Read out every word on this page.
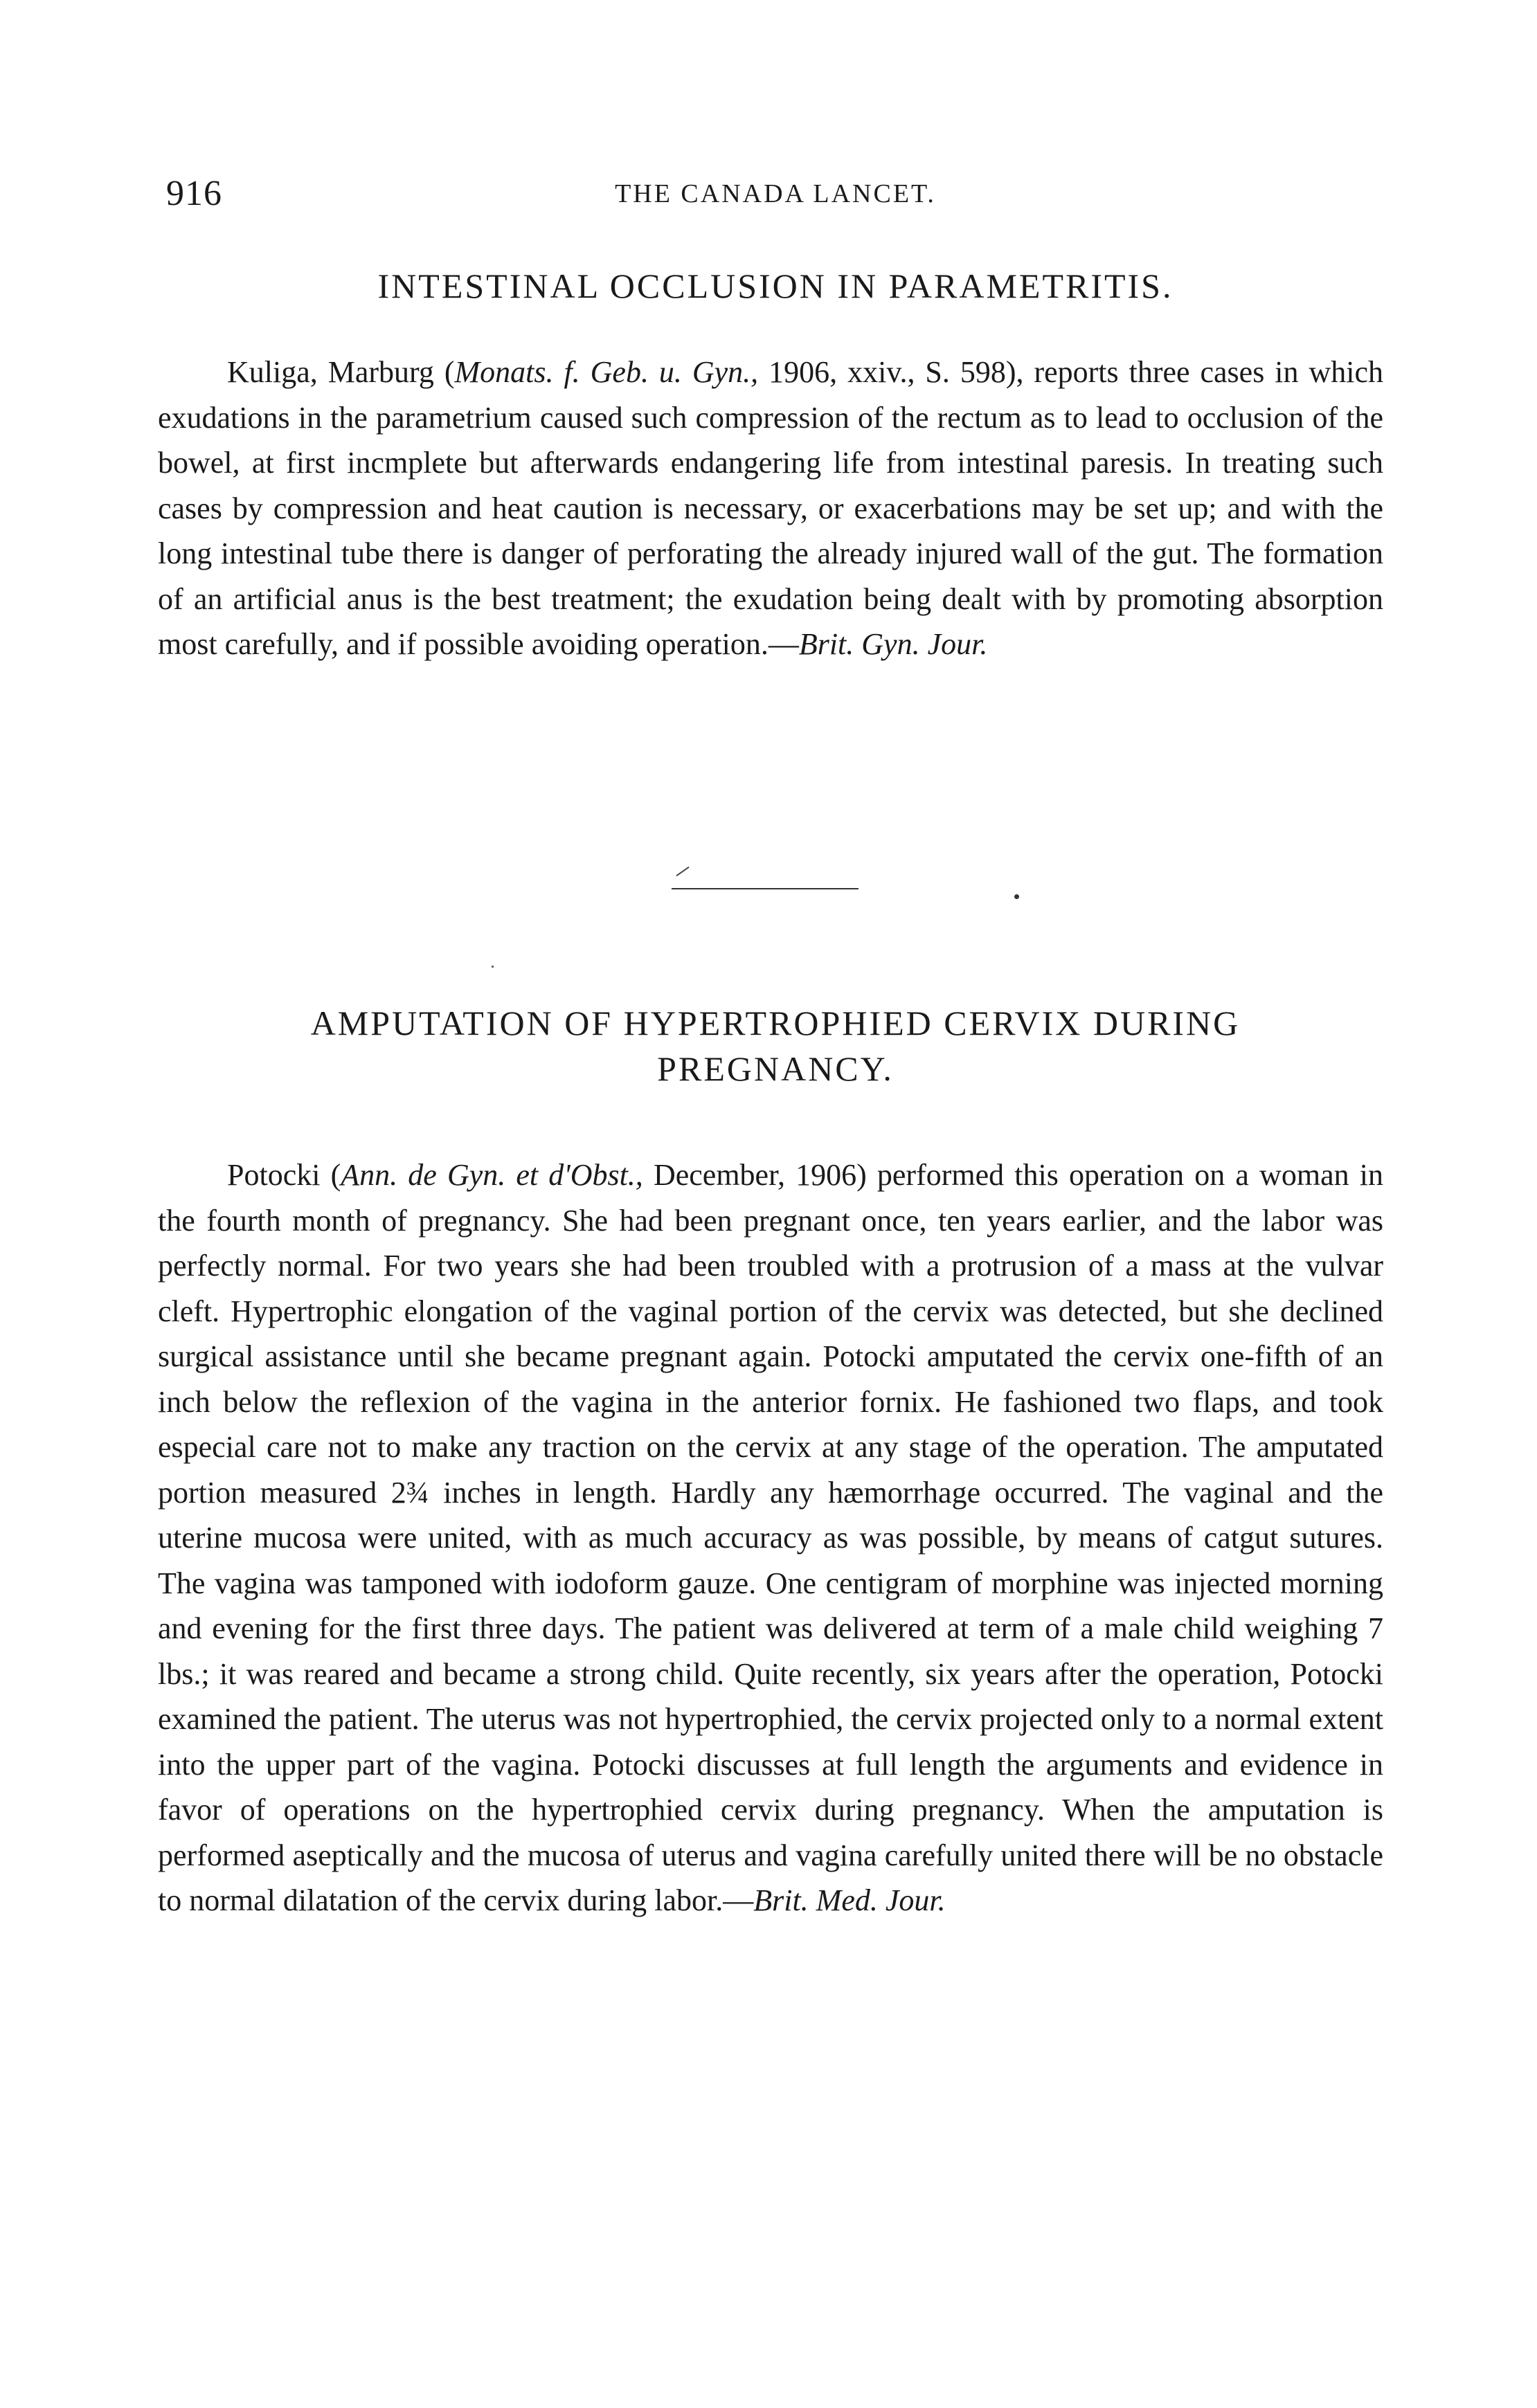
916	THE CANADA LANCET.
INTESTINAL OCCLUSION IN PARAMETRITIS.

Kuliga, Marburg (Monats. f. Geb. u. Gyn., 1906, xxiv., S. 598), reports three cases in which exudations in the parametrium caused such compression of the rectum as to lead to occlusion of the bowel, at first incmplete but afterwards endangering life from intestinal paresis. In treating such cases by compression and heat caution is necessary, or exacerbations may be set up; and with the long intestinal tube there is danger of perforating the already injured wall of the gut. The formation of an artificial anus is the best treatment; the exudation being dealt with by promoting absorption most carefully, and if possible avoiding operation.—Brit. Gyn. Jour.

AMPUTATION OF HYPERTROPHIED CERVIX DURING PREGNANCY.

Potocki (Ann. de Gyn. et d'Obst., December, 1906) performed this operation on a woman in the fourth month of pregnancy. She had been pregnant once, ten years earlier, and the labor was perfectly normal. For two years she had been troubled with a protrusion of a mass at the vulvar cleft. Hypertrophic elongation of the vaginal portion of the cervix was detected, but she declined surgical assistance until she became pregnant again. Potocki amputated the cervix one-fifth of an inch below the reflexion of the vagina in the anterior fornix. He fashioned two flaps, and took especial care not to make any traction on the cervix at any stage of the operation. The amputated portion measured 2¾ inches in length. Hardly any hæmorrhage occurred. The vaginal and the uterine mucosa were united, with as much accuracy as was possible, by means of catgut sutures. The vagina was tamponed with iodoform gauze. One centigram of morphine was injected morning and evening for the first three days. The patient was delivered at term of a male child weighing 7 lbs.; it was reared and became a strong child. Quite recently, six years after the operation, Potocki examined the patient. The uterus was not hypertrophied, the cervix projected only to a normal extent into the upper part of the vagina. Potocki discusses at full length the arguments and evidence in favor of operations on the hypertrophied cervix during pregnancy. When the amputation is performed aseptically and the mucosa of uterus and vagina carefully united there will be no obstacle to normal dilatation of the cervix during labor.—Brit. Med. Jour.
